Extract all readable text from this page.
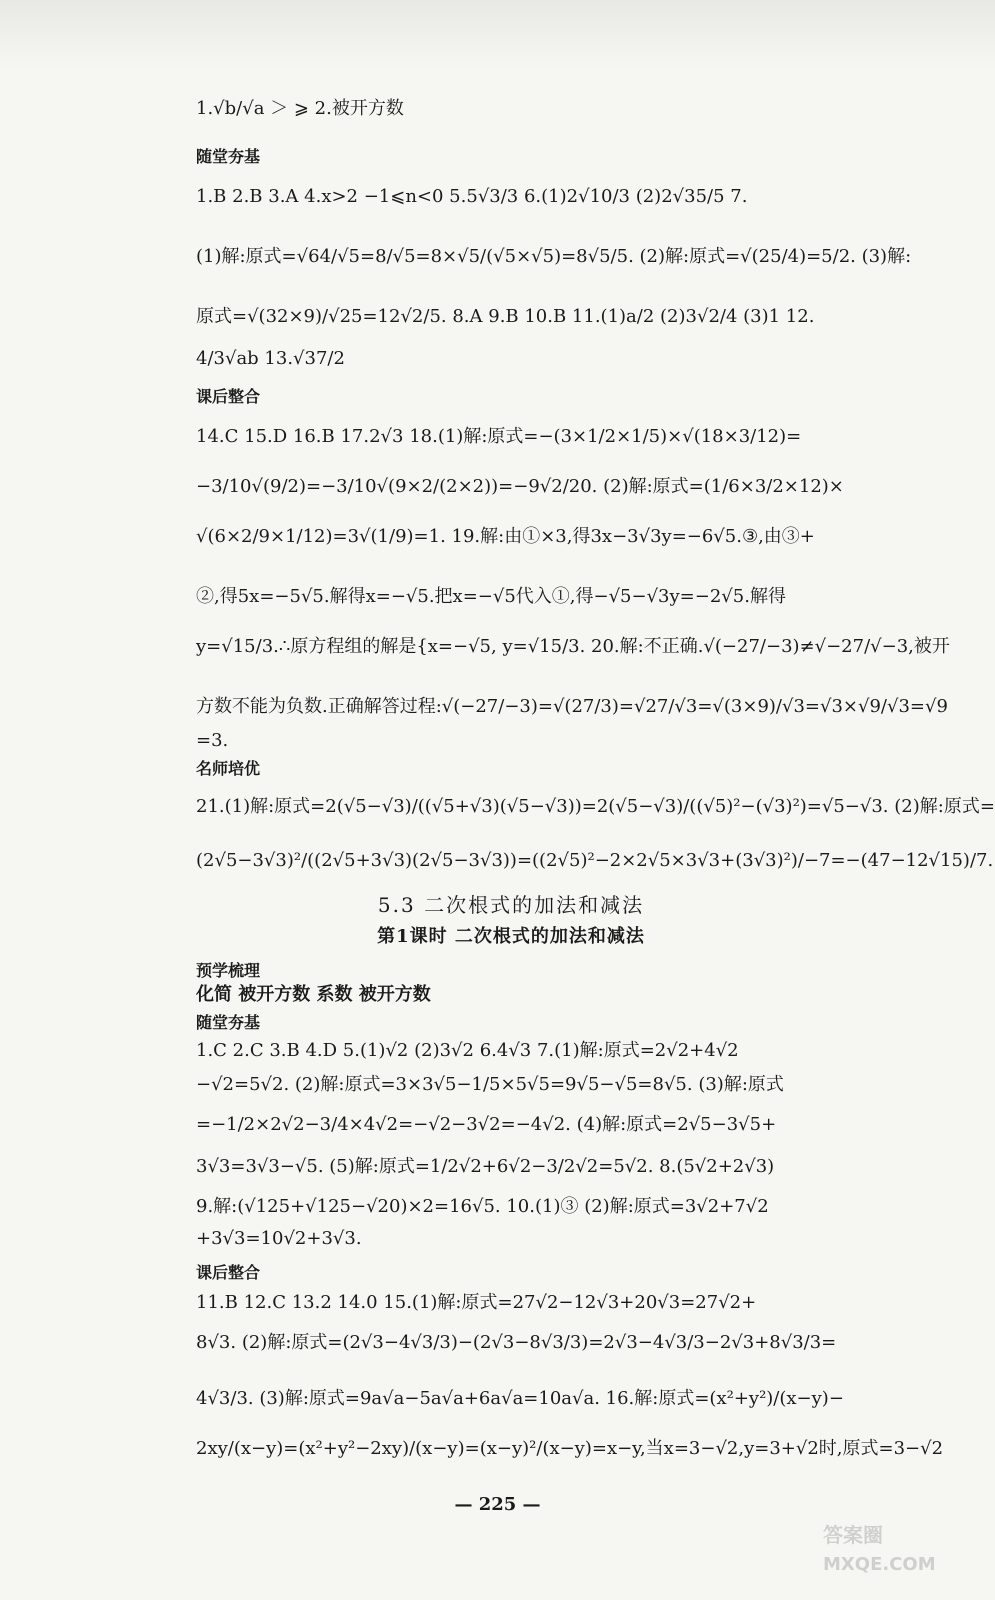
1.√b/√a ＞ ⩾ 2.被开方数
随堂夯基
1.B 2.B 3.A 4.x>2 −1⩽n<0 5.5√3/3 6.(1)2√10/3 (2)2√35/5 7.
(1)解:原式=√64/√5=8/√5=8×√5/(√5×√5)=8√5/5. (2)解:原式=√(25/4)=5/2. (3)解:
原式=√(32×9)/√25=12√2/5. 8.A 9.B 10.B 11.(1)a/2 (2)3√2/4 (3)1 12.
4/3√ab 13.√37/2
课后整合
14.C 15.D 16.B 17.2√3 18.(1)解:原式=−(3×1/2×1/5)×√(18×3/12)=
−3/10√(9/2)=−3/10√(9×2/(2×2))=−9√2/20. (2)解:原式=(1/6×3/2×12)×
√(6×2/9×1/12)=3√(1/9)=1. 19.解:由①×3,得3x−3√3y=−6√5.③,由③+
②,得5x=−5√5.解得x=−√5.把x=−√5代入①,得−√5−√3y=−2√5.解得
y=√15/3.∴原方程组的解是{x=−√5, y=√15/3. 20.解:不正确.√(−27/−3)≠√−27/√−3,被开
方数不能为负数.正确解答过程:√(−27/−3)=√(27/3)=√27/√3=√(3×9)/√3=√3×√9/√3=√9
=3.
名师培优
21.(1)解:原式=2(√5−√3)/((√5+√3)(√5−√3))=2(√5−√3)/((√5)²−(√3)²)=√5−√3. (2)解:原式=
(2√5−3√3)²/((2√5+3√3)(2√5−3√3))=((2√5)²−2×2√5×3√3+(3√3)²)/−7=−(47−12√15)/7.
5.3 二次根式的加法和减法
第1课时 二次根式的加法和减法
预学梳理
化简 被开方数 系数 被开方数
随堂夯基
1.C 2.C 3.B 4.D 5.(1)√2 (2)3√2 6.4√3 7.(1)解:原式=2√2+4√2
−√2=5√2. (2)解:原式=3×3√5−1/5×5√5=9√5−√5=8√5. (3)解:原式
=−1/2×2√2−3/4×4√2=−√2−3√2=−4√2. (4)解:原式=2√5−3√5+
3√3=3√3−√5. (5)解:原式=1/2√2+6√2−3/2√2=5√2. 8.(5√2+2√3)
9.解:(√125+√125−√20)×2=16√5. 10.(1)③ (2)解:原式=3√2+7√2
+3√3=10√2+3√3.
课后整合
11.B 12.C 13.2 14.0 15.(1)解:原式=27√2−12√3+20√3=27√2+
8√3. (2)解:原式=(2√3−4√3/3)−(2√3−8√3/3)=2√3−4√3/3−2√3+8√3/3=
4√3/3. (3)解:原式=9a√a−5a√a+6a√a=10a√a. 16.解:原式=(x²+y²)/(x−y)−
2xy/(x−y)=(x²+y²−2xy)/(x−y)=(x−y)²/(x−y)=x−y,当x=3−√2,y=3+√2时,原式=3−√2
— 225 —
答案圈
MXQE.COM
